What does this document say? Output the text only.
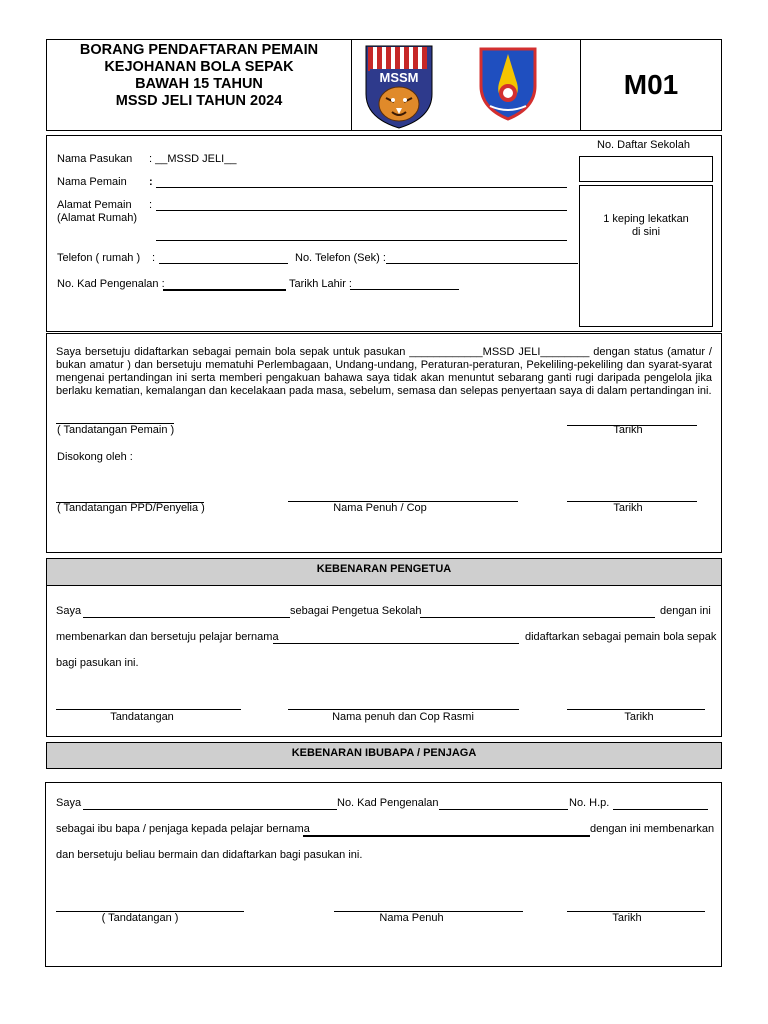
BORANG PENDAFTARAN PEMAIN
KEJOHANAN BOLA SEPAK
BAWAH 15 TAHUN
MSSD JELI TAHUN 2024
MSSM	M01
No. Daftar Sekolah
1 keping lekatkan
di sini
Nama Pasukan : __MSSD JELI__
Nama Pemain :
Alamat Pemain
(Alamat Rumah)
:
Telefon ( rumah ) :	No. Telefon (Sek) :
No. Kad Pengenalan :	Tarikh Lahir :
Saya bersetuju didaftarkan sebagai pemain bola sepak untuk pasukan ____________MSSD JELI________ dengan status (amatur / bukan amatur ) dan bersetuju mematuhi Perlembagaan, Undang-undang, Peraturan-peraturan, Pekeliling-pekeliling dan syarat-syarat mengenai pertandingan ini serta memberi pengakuan bahawa saya tidak akan menuntut sebarang ganti rugi daripada pengelola jika berlaku kematian, kemalangan dan kecelakaan pada masa, sebelum, semasa dan selepas penyertaan saya di dalam pertandingan ini.
( Tandatangan Pemain )	Tarikh
Disokong oleh :
( Tandatangan PPD/Penyelia )	Nama Penuh / Cop	Tarikh
KEBENARAN PENGETUA
Saya	sebagai Pengetua Sekolah	dengan ini
membenarkan dan bersetuju pelajar bernama	didaftarkan sebagai pemain bola sepak
bagi pasukan ini.
Tandatangan	Nama penuh dan Cop Rasmi	Tarikh
KEBENARAN IBUBAPA / PENJAGA
Saya	No. Kad Pengenalan	No. H.p.
sebagai ibu bapa / penjaga kepada pelajar bernama	dengan ini membenarkan
dan bersetuju beliau bermain dan didaftarkan bagi pasukan ini.
( Tandatangan )	Nama Penuh	Tarikh
